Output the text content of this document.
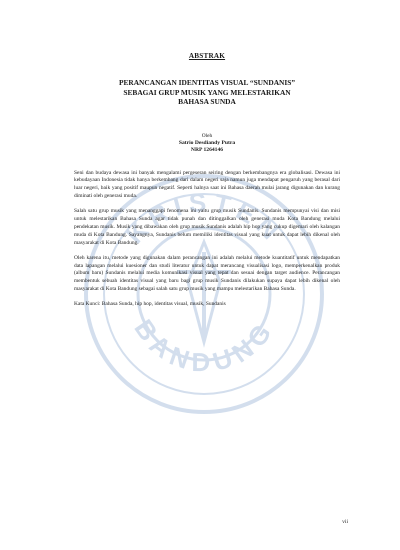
KRISTEN
BANDUNG

ABSTRAK

PERANCANGAN IDENTITAS VISUAL “SUNDANIS”
SEBAGAI GRUP MUSIK YANG MELESTARIKAN
BAHASA SUNDA

Oleh

Satrio Desdiandy Putra

NRP 1264146

Seni dan budaya dewasa ini banyak mengalami pergeseran seiring dengan berkembangnya era globalisasi. Dewasa ini kebudayaan Indonesia tidak hanya berkembang dari dalam negeri saja namun juga mendapat pengaruh yang berasal dari luar negeri, baik yang positif maupun negatif. Seperti halnya saat ini Bahasa daerah mulai jarang digunakan dan kurang diminati oleh generasi muda.

Salah satu grup musik yang menanggapi fenomena ini yaitu grup musik Sundanis. Sundanis mempunyai visi dan misi untuk melestarikan Bahasa Sunda agar tidak punah dan ditinggalkan oleh generasi muda Kota Bandung melalui pendekatan musik. Musik yang dibawakan oleh grup musik Sundanis adalah hip hop yang cukup digemari oleh kalangan muda di Kota Bandung. Sayangnya, Sundanis belum memiliki identitas visual yang kuat untuk dapat lebih dikenal oleh masyarakat di Kota Bandung.

Oleh karena itu, metode yang digunakan dalam perancangan ini adalah melalui metode kuantitatif untuk mendapatkan data lapangan melalui kuesioner dan studi literatur untuk dapat merancang visualisasi logo, memperkenalkan produk (album baru) Sundanis melalui media komunikasi visual yang tepat dan sesuai dengan target audience. Perancangan membentuk sebuah identitas visual yang baru bagi grup musik Sundanis dilakukan supaya dapat lebih dikenal oleh masyarakat di Kota Bandung sebagai salah satu grup musik yang mampu melestarikan Bahasa Sunda.

Kata Kunci: Bahasa Sunda, hip hop, identitas visual, musik, Sundanis

vii
